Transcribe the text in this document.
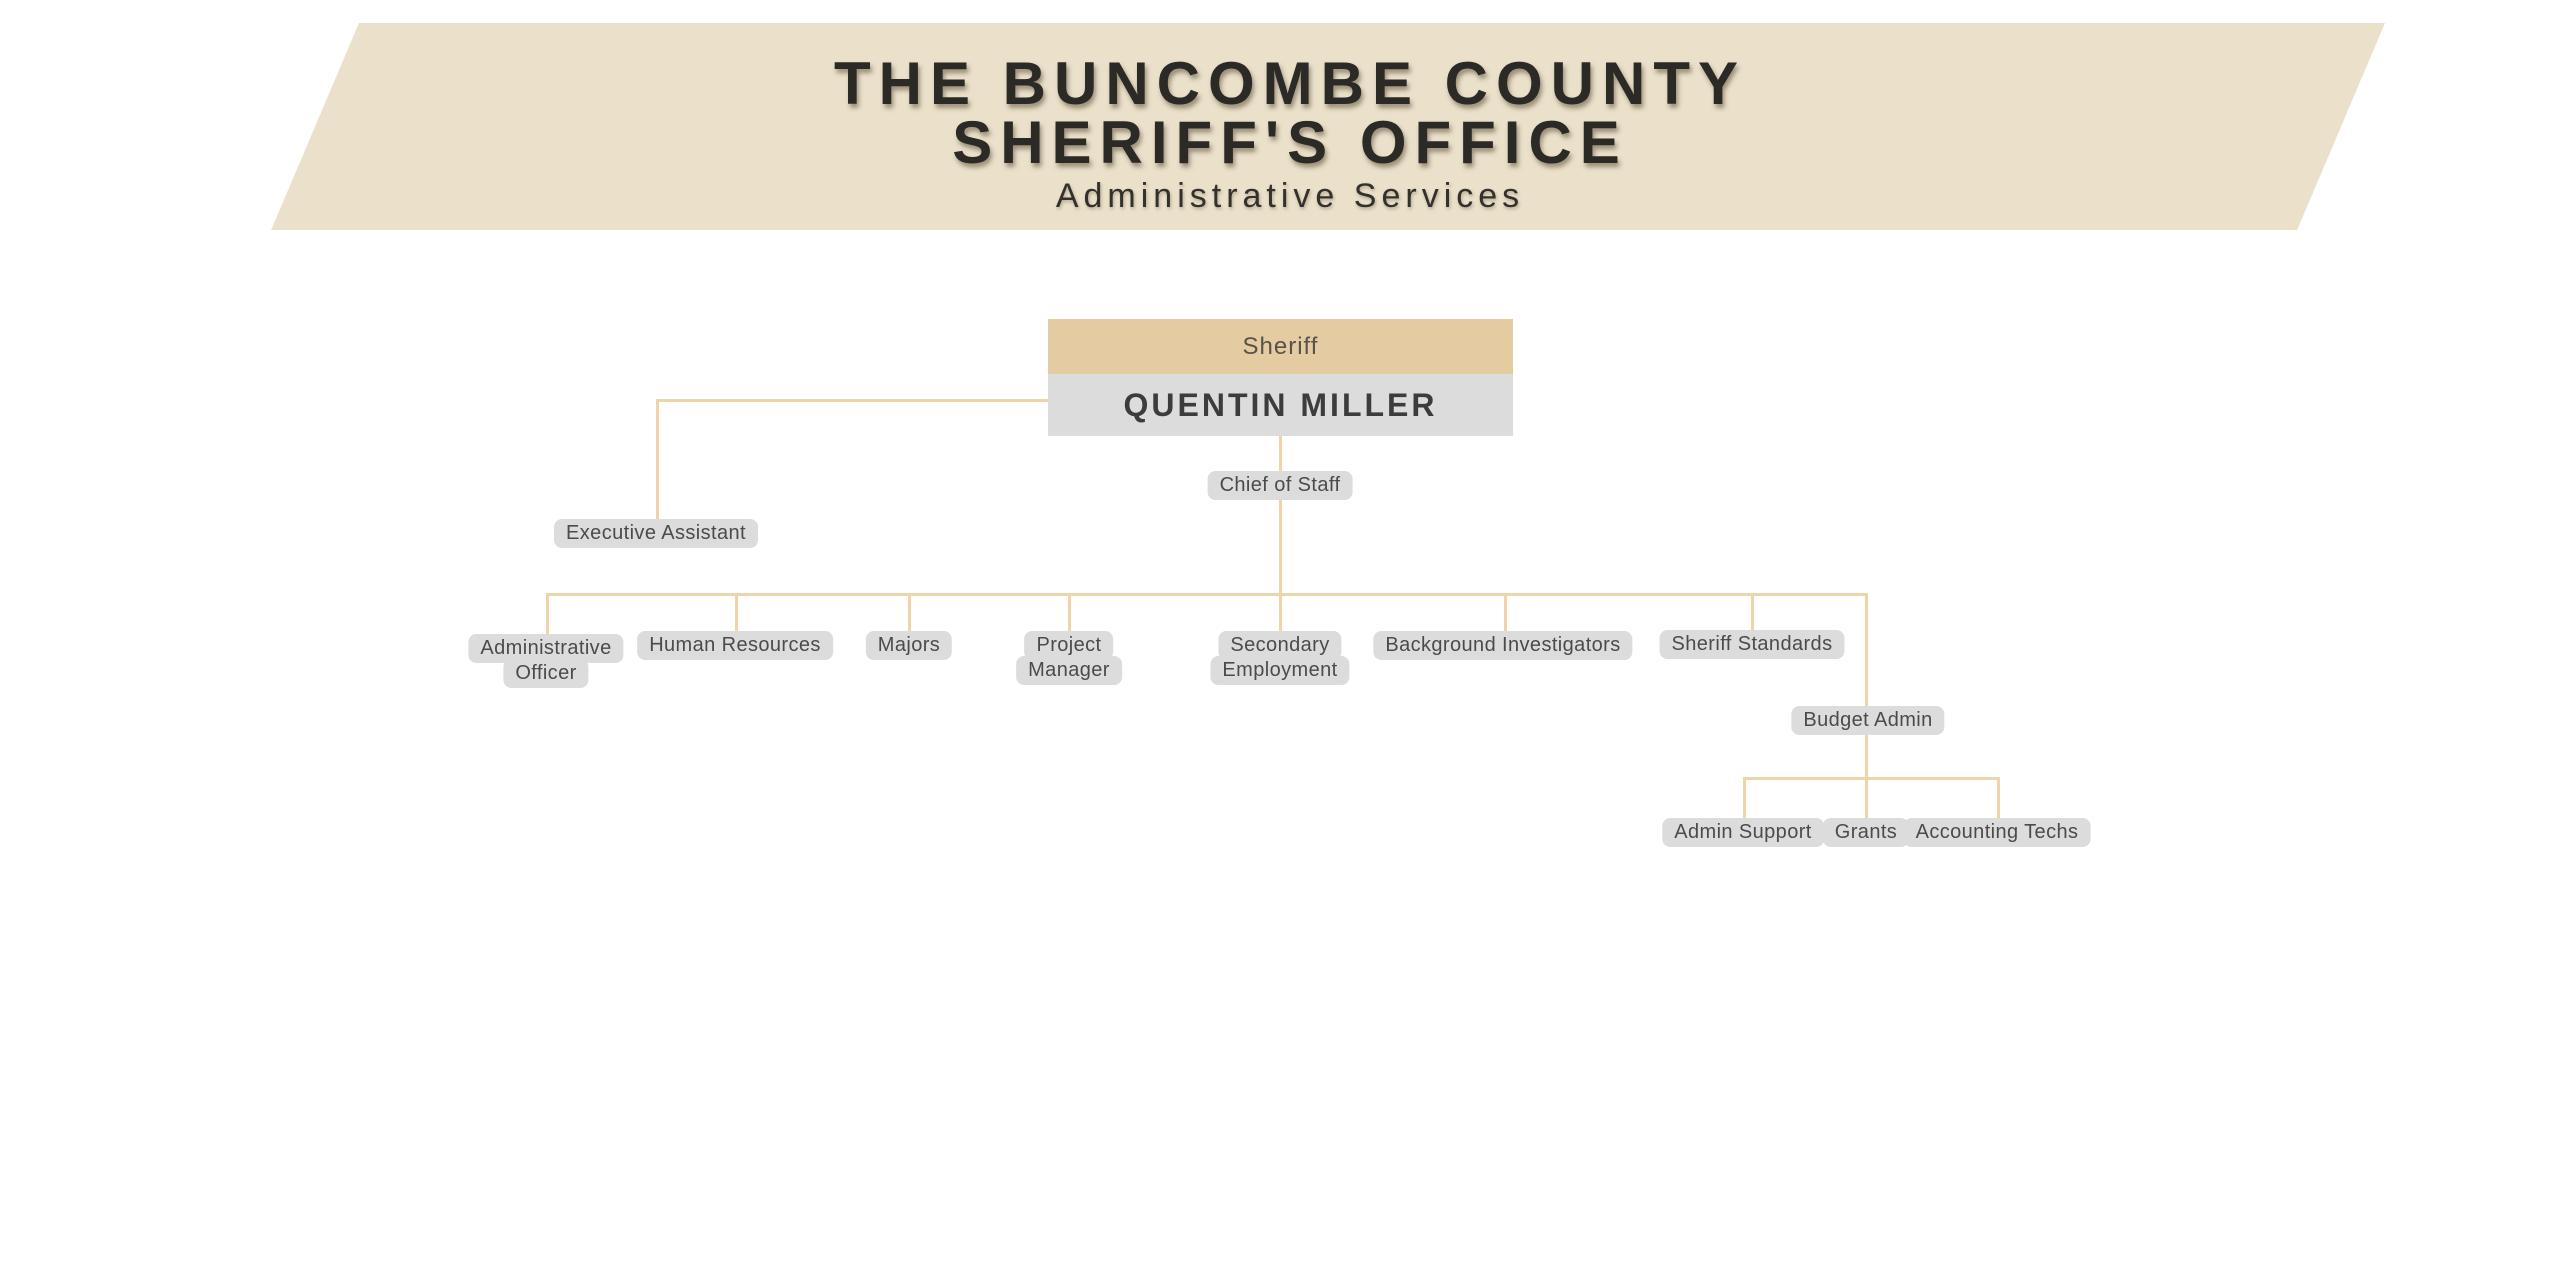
THE BUNCOMBE COUNTY
SHERIFF'S OFFICE
Administrative Services
Sheriff
QUENTIN MILLER
Executive Assistant
Chief of Staff
Administrative
Officer
Human Resources	Majors	Project
Manager
Secondary
Employment
Background Investigators	Sheriff Standards
Budget Admin
Admin Support	Grants Accounting Techs
